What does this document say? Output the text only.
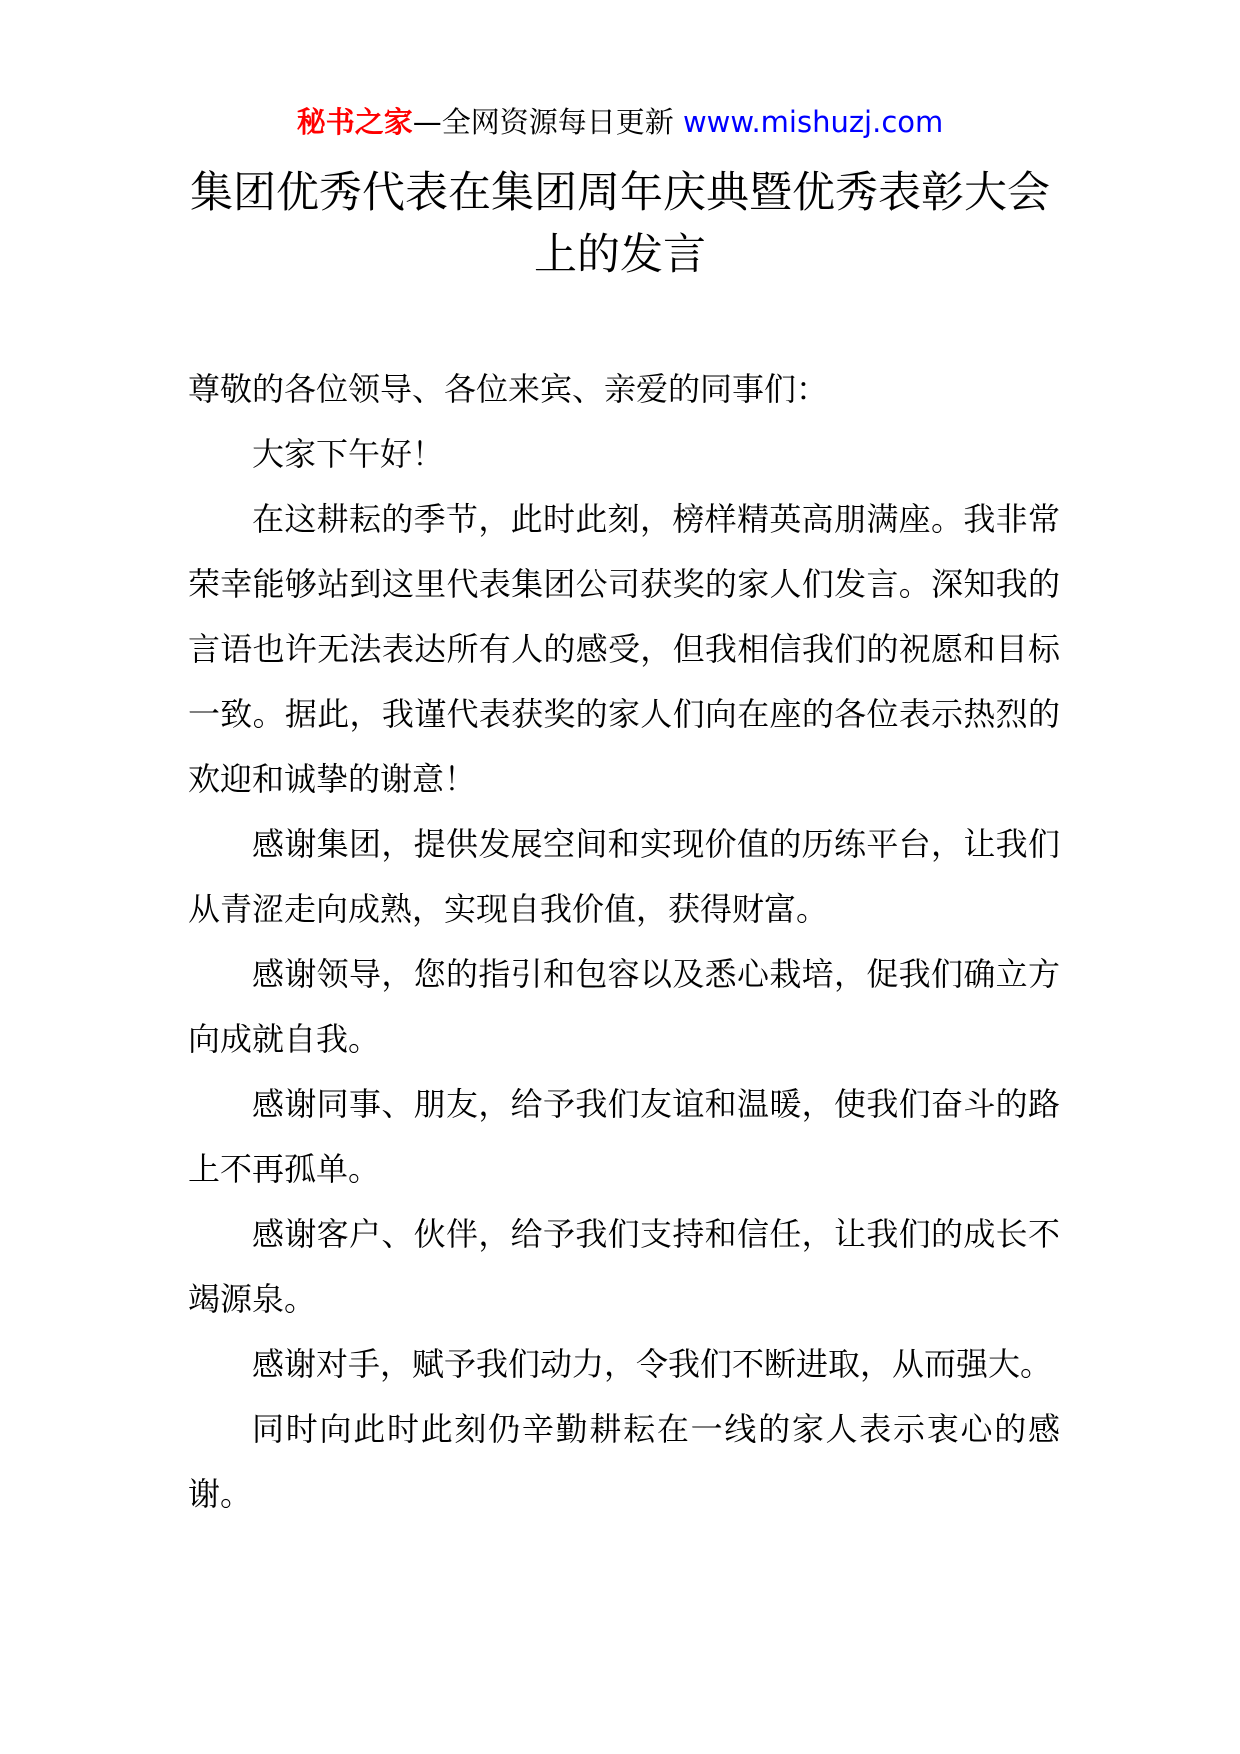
秘书之家—全网资源每日更新 www.mishuzj.com
集团优秀代表在集团周年庆典暨优秀表彰大会上的发言

尊敬的各位领导、各位来宾、亲爱的同事们：

大家下午好！

在这耕耘的季节，此时此刻，榜样精英高朋满座。我非常荣幸能够站到这里代表集团公司获奖的家人们发言。深知我的言语也许无法表达所有人的感受，但我相信我们的祝愿和目标一致。据此，我谨代表获奖的家人们向在座的各位表示热烈的欢迎和诚挚的谢意！

感谢集团，提供发展空间和实现价值的历练平台，让我们从青涩走向成熟，实现自我价值，获得财富。

感谢领导，您的指引和包容以及悉心栽培，促我们确立方向成就自我。

感谢同事、朋友，给予我们友谊和温暖，使我们奋斗的路上不再孤单。

感谢客户、伙伴，给予我们支持和信任，让我们的成长不竭源泉。

感谢对手，赋予我们动力，令我们不断进取，从而强大。

同时向此时此刻仍辛勤耕耘在一线的家人表示衷心的感谢。
